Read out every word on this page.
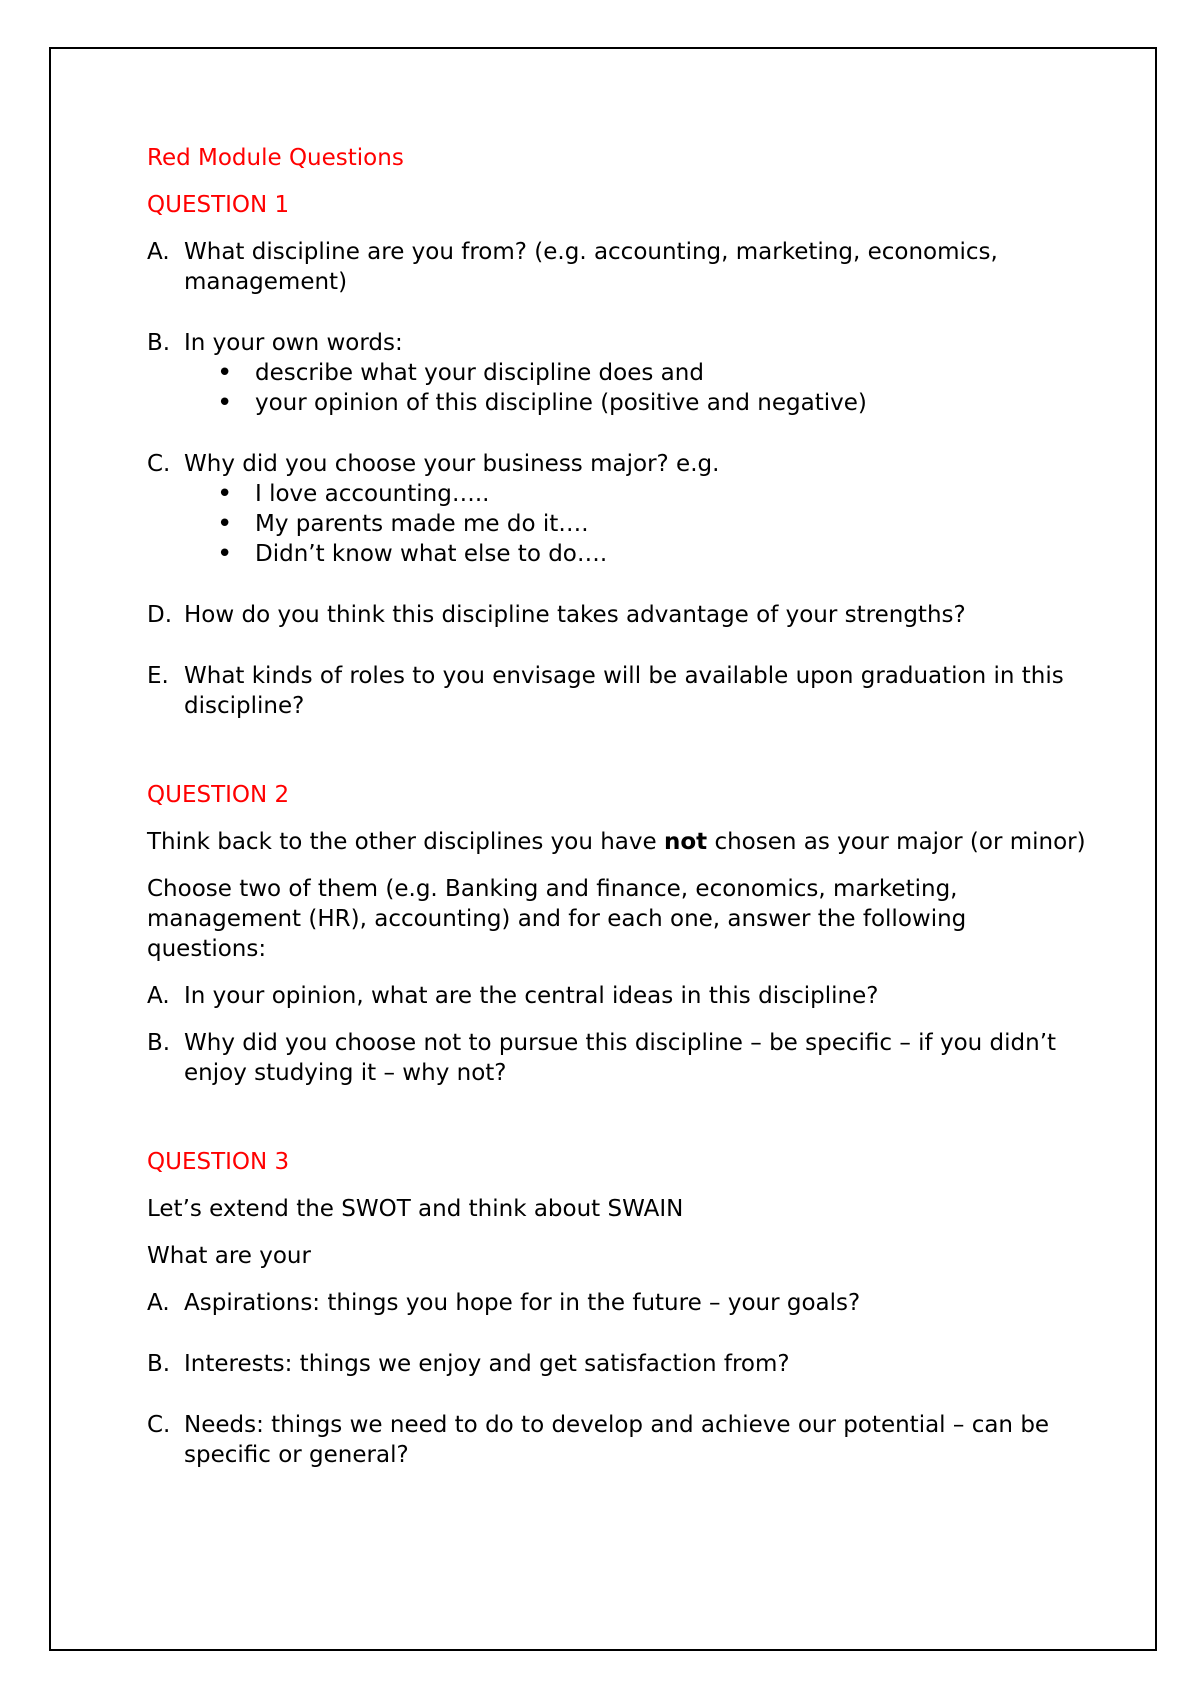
Red Module Questions
QUESTION 1
A. What discipline are you from? (e.g. accounting, marketing, economics, management)
B. In your own words:
• describe what your discipline does and
• your opinion of this discipline (positive and negative)
C. Why did you choose your business major? e.g.
• I love accounting…..
• My parents made me do it….
• Didn’t know what else to do….
D. How do you think this discipline takes advantage of your strengths?
E. What kinds of roles to you envisage will be available upon graduation in this discipline?
QUESTION 2

Think back to the other disciplines you have not chosen as your major (or minor)

Choose two of them (e.g. Banking and finance, economics, marketing, management (HR), accounting) and for each one, answer the following questions:

A. In your opinion, what are the central ideas in this discipline?
B. Why did you choose not to pursue this discipline – be specific – if you didn’t enjoy studying it – why not?
QUESTION 3

Let’s extend the SWOT and think about SWAIN

What are your

A. Aspirations: things you hope for in the future – your goals?
B. Interests: things we enjoy and get satisfaction from?
C. Needs: things we need to do to develop and achieve our potential – can be specific or general?
